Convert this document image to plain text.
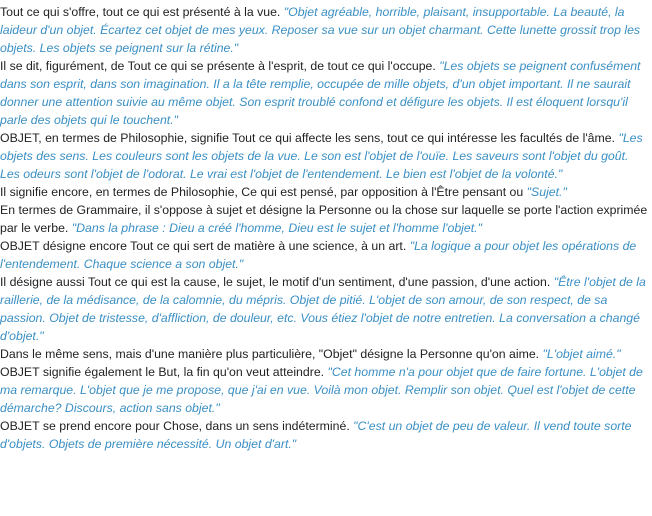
Tout ce qui s'offre, tout ce qui est présenté à la vue. " Objet agréable, horrible, plaisant, insupportable. La beauté, la laideur d'un objet. Écartez cet objet de mes yeux. Reposer sa vue sur un objet charmant. Cette lunette grossit trop les objets. Les objets se peignent sur la rétine. "

Il se dit, figurément, de Tout ce qui se présente à l'esprit, de tout ce qui l'occupe. " Les objets se peignent confusément dans son esprit, dans son imagination. Il a la tête remplie, occupée de mille objets, d'un objet important. Il ne saurait donner une attention suivie au même objet. Son esprit troublé confond et défigure les objets. Il est éloquent lorsqu'il parle des objets qui le touchent. "

OBJET, en termes de Philosophie, signifie Tout ce qui affecte les sens, tout ce qui intéresse les facultés de l'âme. " Les objets des sens. Les couleurs sont les objets de la vue. Le son est l'objet de l'ouïe. Les saveurs sont l'objet du goût. Les odeurs sont l'objet de l'odorat. Le vrai est l'objet de l'entendement. Le bien est l'objet de la volonté. "

Il signifie encore, en termes de Philosophie, Ce qui est pensé, par opposition à l'Être pensant ou " Sujet. "

En termes de Grammaire, il s'oppose à sujet et désigne la Personne ou la chose sur laquelle se porte l'action exprimée par le verbe. " Dans la phrase : Dieu a créé l'homme, Dieu est le sujet et l'homme l'objet. "

OBJET désigne encore Tout ce qui sert de matière à une science, à un art. " La logique a pour objet les opérations de l'entendement. Chaque science a son objet. "

Il désigne aussi Tout ce qui est la cause, le sujet, le motif d'un sentiment, d'une passion, d'une action. " Être l'objet de la raillerie, de la médisance, de la calomnie, du mépris. Objet de pitié. L'objet de son amour, de son respect, de sa passion. Objet de tristesse, d'affliction, de douleur, etc. Vous étiez l'objet de notre entretien. La conversation a changé d'objet. "

Dans le même sens, mais d'une manière plus particulière, " Objet " désigne la Personne qu'on aime. " L'objet aimé. "

OBJET signifie également le But, la fin qu'on veut atteindre. " Cet homme n'a pour objet que de faire fortune. L'objet de ma remarque. L'objet que je me propose, que j'ai en vue. Voilà mon objet. Remplir son objet. Quel est l'objet de cette démarche? Discours, action sans objet. "

OBJET se prend encore pour Chose, dans un sens indéterminé. " C'est un objet de peu de valeur. Il vend toute sorte d'objets. Objets de première nécessité. Un objet d'art. "
